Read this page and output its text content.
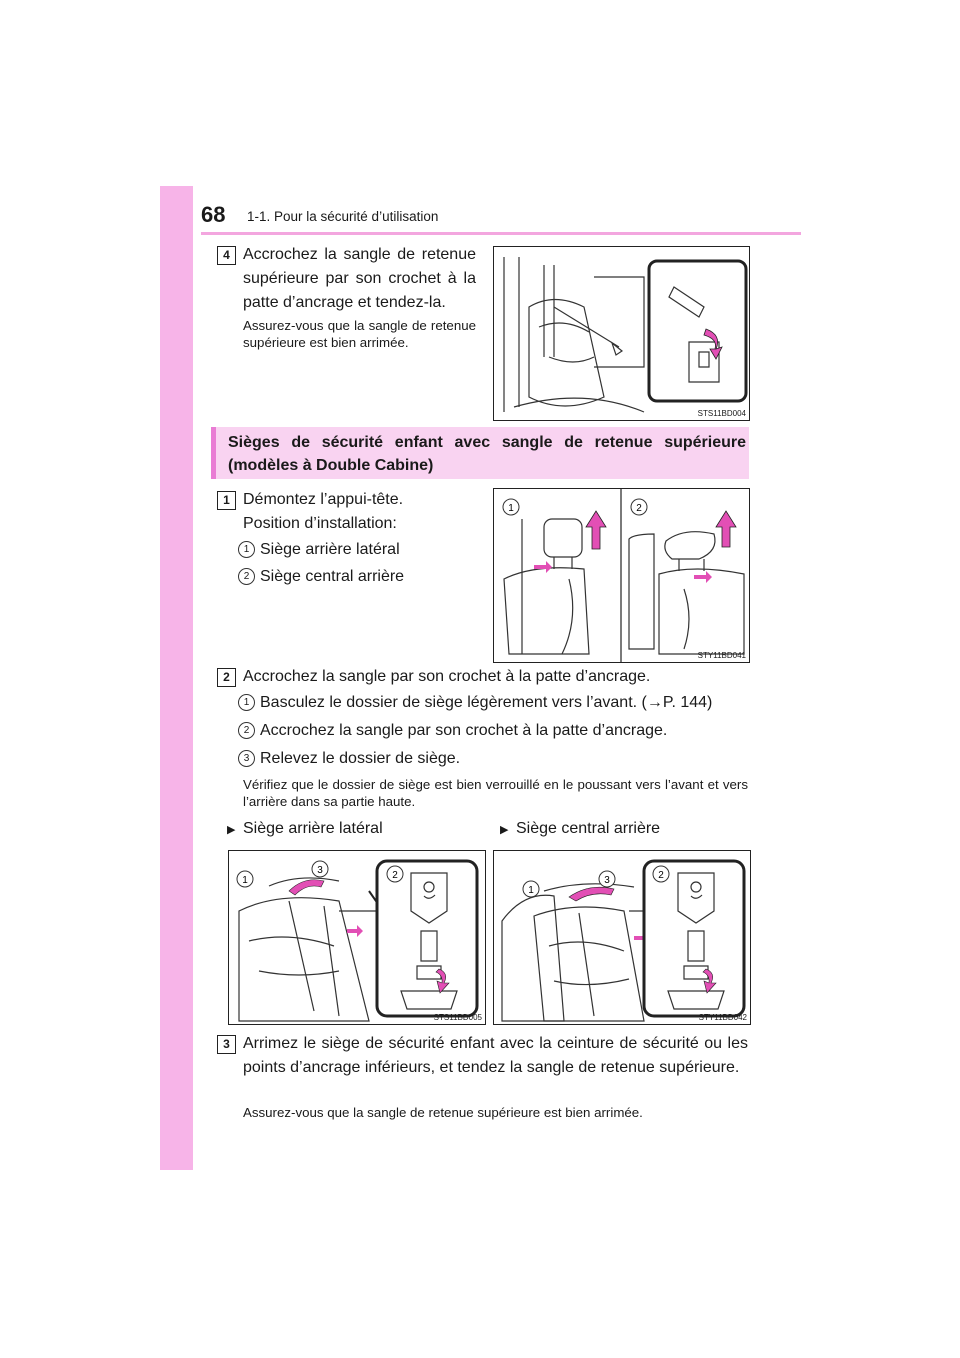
68 1-1. Pour la sécurité d’utilisation
4 Accrochez la sangle de retenue supérieure par son crochet à la patte d’ancrage et tendez-la.
Assurez-vous que la sangle de retenue supérieure est bien arrimée.
STS11BD004
Sièges de sécurité enfant avec sangle de retenue supérieure (modèles à Double Cabine)
1 Démontez l’appui-tête.
Position d’installation:
1 Siège arrière latéral
2 Siège central arrière
1	2
STY11BD041
2 Accrochez la sangle par son crochet à la patte d’ancrage.
1 Basculez le dossier de siège légèrement vers l’avant. (→P. 144)
2 Accrochez la sangle par son crochet à la patte d’ancrage.
3 Relevez le dossier de siège.
Vérifiez que le dossier de siège est bien verrouillé en le poussant vers l’avant et vers l’arrière dans sa partie haute.
▶ Siège arrière latéral	▶ Siège central arrière
1
3	2
STS11BD005
1
3	2
STY11BD042
3 Arrimez le siège de sécurité enfant avec la ceinture de sécurité ou les points d’ancrage inférieurs, et tendez la sangle de retenue supérieure.
Assurez-vous que la sangle de retenue supérieure est bien arrimée.
